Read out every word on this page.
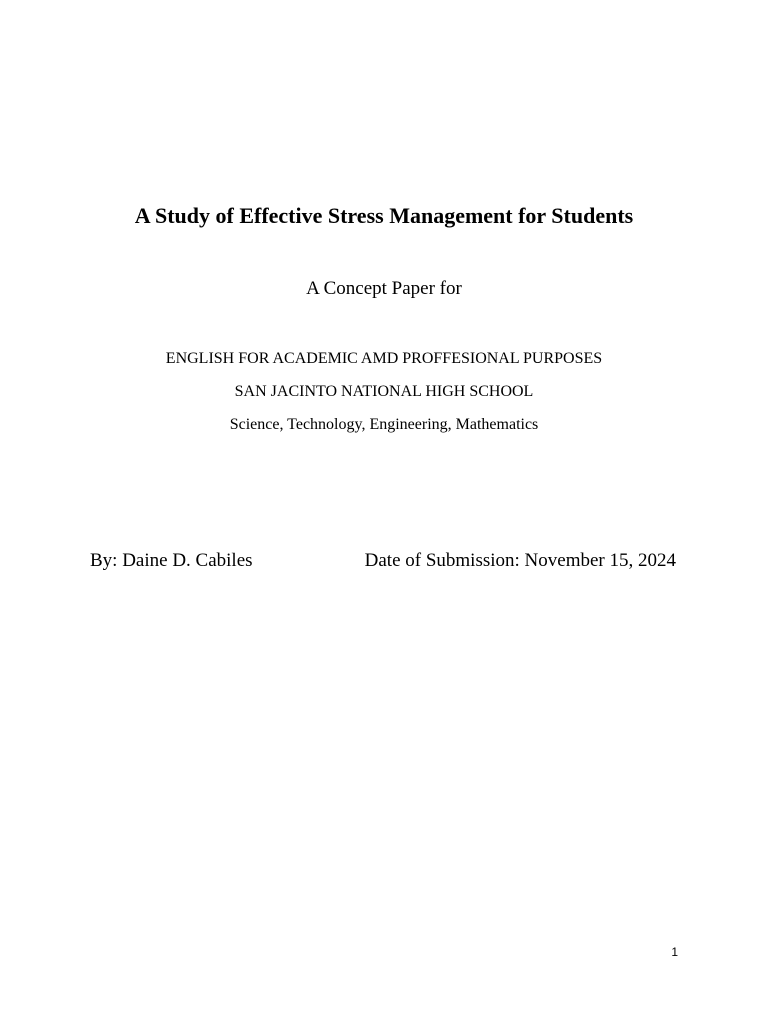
A Study of Effective Stress Management for Students
A Concept Paper for
ENGLISH FOR ACADEMIC AMD PROFFESIONAL PURPOSES
SAN JACINTO NATIONAL HIGH SCHOOL
Science, Technology, Engineering, Mathematics
By: Daine D. Cabiles	Date of Submission: November 15, 2024
1
